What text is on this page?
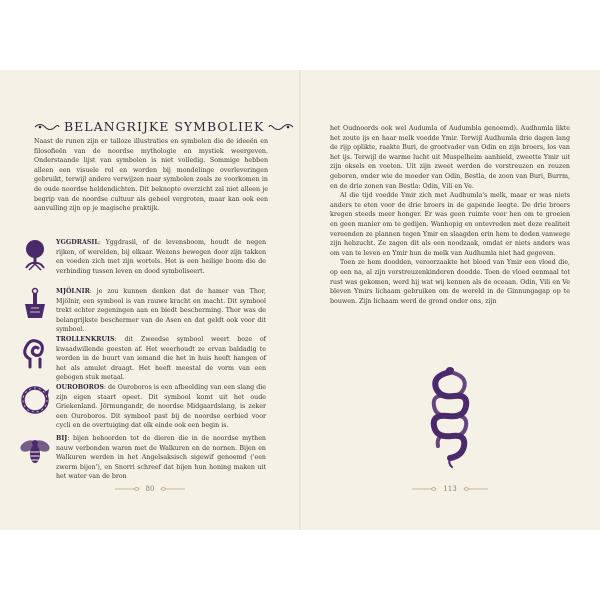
BELANGRIJKE SYMBOLIEK
Naast de runen zijn er talloze illustraties en symbolen die de ideeën en filosofieën van de noordse mythologie en mystiek weergeven. Onderstaande lijst van symbolen is niet volledig. Sommige hebben alleen een visuele rol en worden bij mondelinge overleveringen gebruikt, terwijl andere verwijzen naar symbolen zoals ze voorkomen in de oude noordse heldendichten. Dit beknopte overzicht zal niet alleen je begrip van de noordse cultuur als geheel vergroten, maar kan ook een aanvulling zijn op je magische praktijk.
YGGDRASIL: Yggdrasil, of de levensboom, houdt de negen rijken, of werelden, bij elkaar. Wezens bewegen door zijn takken en voeden zich met zijn wortels. Het is een heilige boom die de verbinding tussen leven en dood symboliseert.
MJÖLNIR: je zou kunnen denken dat de hamer van Thor, Mjölnir, een symbool is van rauwe kracht en macht. Dit symbool trekt echter zegeningen aan en biedt bescherming. Thor was de belangrijkste beschermer van de Asen en dat geldt ook voor dit symbool.
TROLLENKRUIS: dit Zweedse symbool weert boze of kwaadwillende geesten af. Het weerhoudt ze ervan baldadig te worden in de buurt van iemand die het in huis heeft hangen of het als amulet draagt. Het heeft meestal de vorm van een gebogen stuk metaal.
OUROBOROS: de Ouroboros is een afbeelding van een slang die zijn eigen staart opeet. Dit symbool komt uit het oude Griekenland. Jörmungandr, de noordse Midgaardslang, is zeker een Ouroboros. Dit symbool past bij de noordse eerbied voor cycli en de overtuiging dat elk einde ook een begin is.
BIJ: bijen behoorden tot de dieren die in de noordse mythen nauw verbonden waren met de Walkuren en de nornen. Bijen en Walkuren werden in het Angelsaksisch sigewif genoemd ('een zwerm bijen'), en Snorri schreef dat bijen hun honing maken uit het water van de bron
80

het Oudnoords ook wel Audumla of Audumbla genoemd). Audhumla likte het zoute ijs en haar melk voedde Ymir. Terwijl Audhumla drie dagen lang de rijp oplikte, raakte Buri, de grootvader van Odin en zijn broers, los van het ijs. Terwijl de warme lucht uit Muspelheim aanhield, zweette Ymir uit zijn oksels en voeten. Uit zijn zweet werden de vorstreuzen en reuzen geboren, onder wie de moeder van Odin, Bestla, de zoon van Buri, Burrm, en de drie zonen van Bestla: Odin, Vili en Ve.

Al die tijd voedde Ymir zich met Audhumla's melk, maar er was niets anders te eten voor de drie broers in de gapende leegte. De drie broers kregen steeds meer honger. Er was geen ruimte voor hen om te groeien en geen manier om te gedijen. Wanhopig en ontevreden met deze realiteit vereenden ze plannen tegen Ymir en slaagden erin hem te doden vanwege zijn hebzucht. Ze zagen dit als een noodzaak, omdat er niets anders was om van te leven en Ymir hun de melk van Audhumla niet had gegeven.

Toen ze hem doodden, veroorzaakte het bloed van Ymir een vloed die, op een na, al zijn vorstreuzenkinderen doodde. Toen de vloed eenmaal tot rust was gekomen, werd hij wat wij kennen als de oceaan. Odin, Vili en Ve bleven Ymirs lichaam gebruiken om de wereld in de Ginnungagap op te bouwen. Zijn lichaam werd de grond onder ons, zijn

113
